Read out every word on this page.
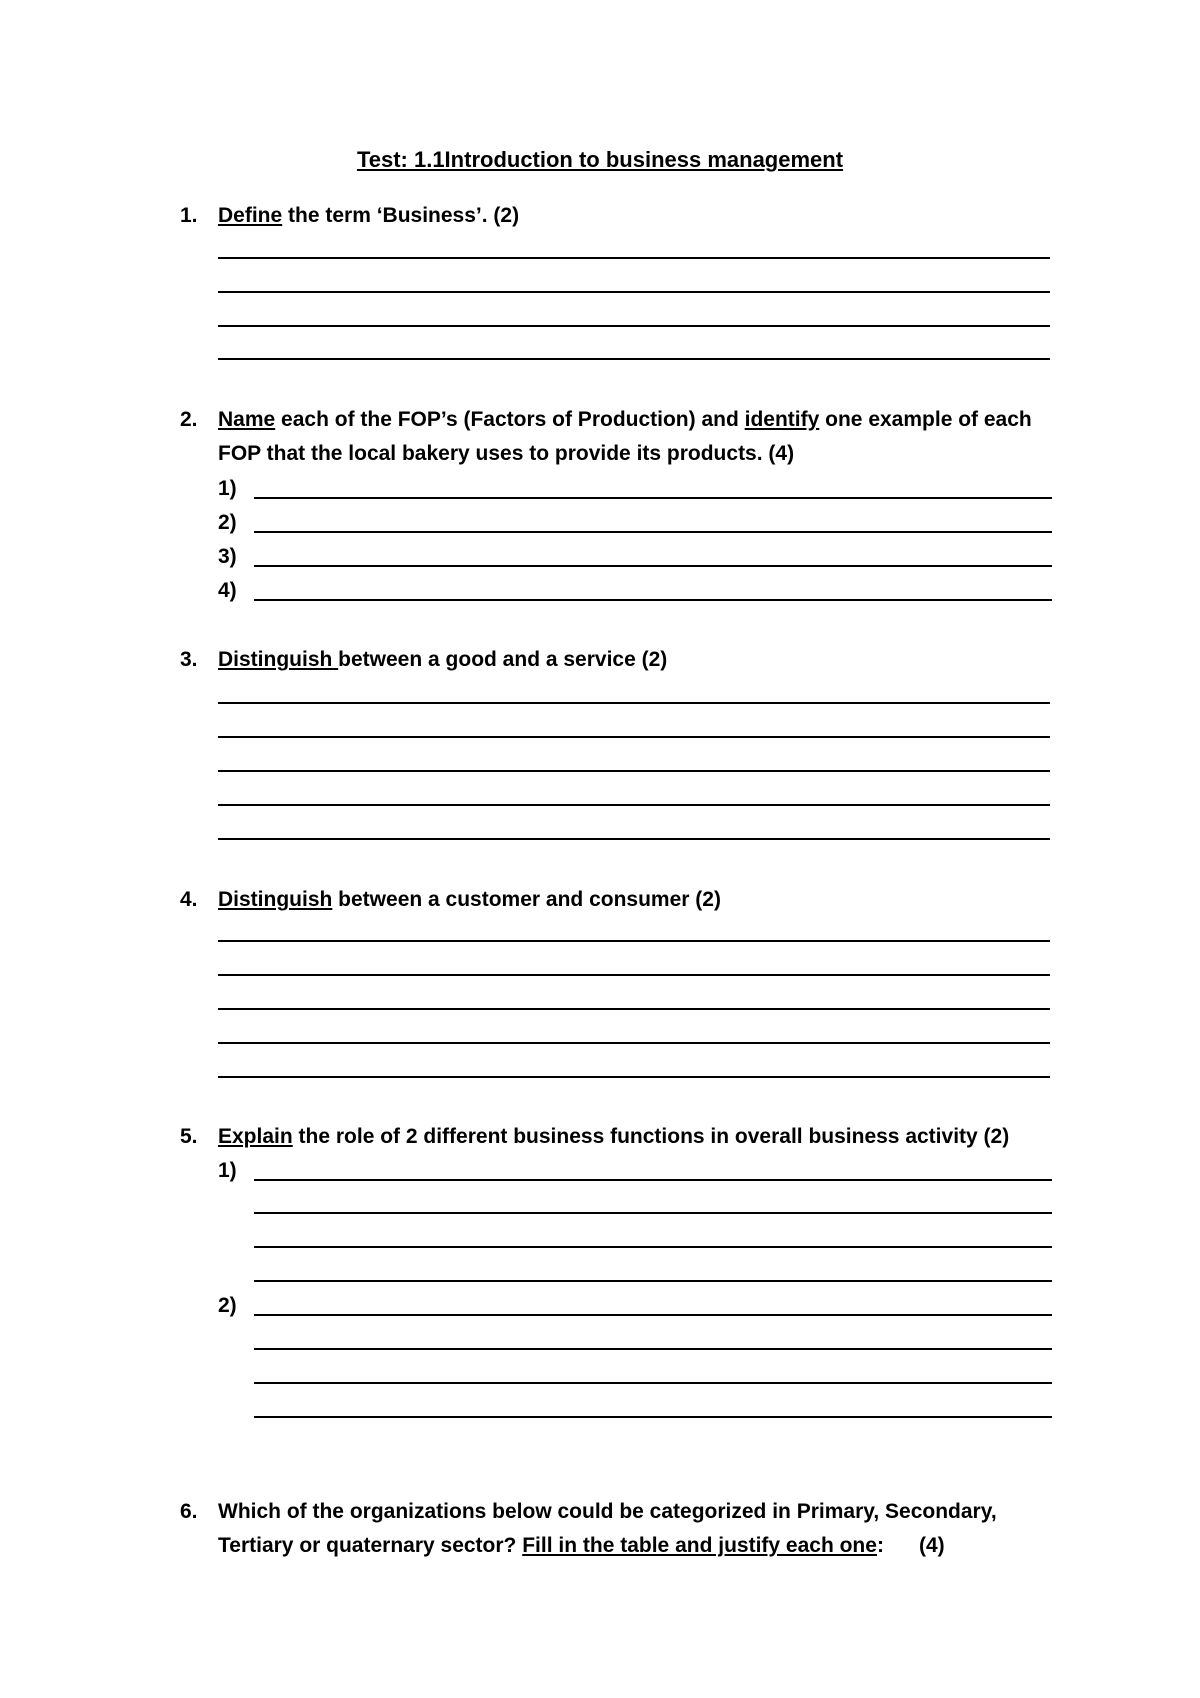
Test: 1.1Introduction to business management
1. Define the term ‘Business’. (2)
2. Name each of the FOP’s (Factors of Production) and identify one example of each
FOP that the local bakery uses to provide its products. (4)
1)
2)
3)
4)
3. Distinguish between a good and a service (2)
4. Distinguish between a customer and consumer (2)
5. Explain the role of 2 different business functions in overall business activity (2)
1)
2)
6. Which of the organizations below could be categorized in Primary, Secondary,
Tertiary or quaternary sector? Fill in the table and justify each one:      (4)
